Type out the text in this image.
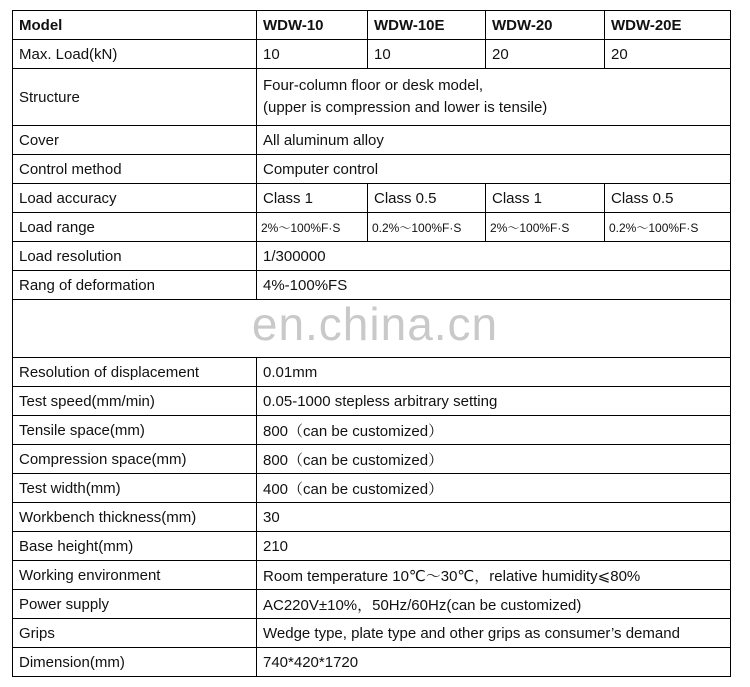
Model	WDW-10	WDW-10E	WDW-20	WDW-20E
Max. Load(kN)	10	10	20	20
Structure	Four-column floor or desk model,
(upper is compression and lower is tensile)			

Cover	All aluminum alloy			
Control method	Computer control			
Load accuracy	Class 1	Class 0.5	Class 1	Class 0.5
Load range	2%～100%F·S	0.2%～100%F·S	2%～100%F·S	0.2%～100%F·S
Load resolution	1/300000			
Rang of deformation	4%-100%FS			

Resolution of displacement	0.01mm			
Test speed(mm/min)	0.05-1000 stepless arbitrary setting			
Tensile space(mm)	800（can be customized）			
Compression space(mm)	800（can be customized）			
Test width(mm)	400（can be customized）			
Workbench thickness(mm)	30			
Base height(mm)	210			
Working environment	Room temperature 10℃～30℃，relative humidity⩽80%			
Power supply	AC220V±10%，50Hz/60Hz(can be customized)			
Grips	Wedge type, plate type and other grips as consumer’s demand			
Dimension(mm)	740*420*1720			
en.china.cn
